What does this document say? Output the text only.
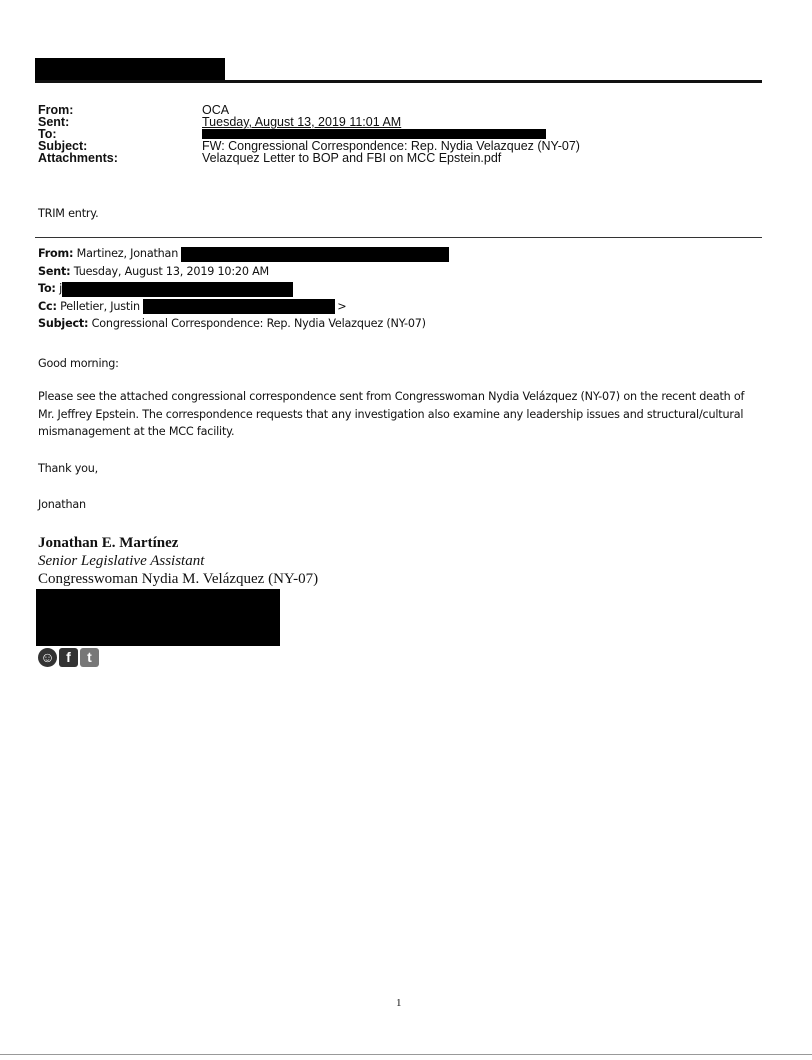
From:
Sent:
To:
Subject:
Attachments:
OCA
Tuesday, August 13, 2019 11:01 AM
FW: Congressional Correspondence: Rep. Nydia Velazquez (NY-07)
Velazquez Letter to BOP and FBI on MCC Epstein.pdf
TRIM entry.
From: Martinez, Jonathan
Sent: Tuesday, August 13, 2019 10:20 AM
To: j
Cc: Pelletier, Justin	>
Subject: Congressional Correspondence: Rep. Nydia Velazquez (NY-07)
Good morning:
Please see the attached congressional correspondence sent from Congresswoman Nydia Velázquez (NY-07) on the recent death of Mr. Jeffrey Epstein. The correspondence requests that any investigation also examine any leadership issues and structural/cultural mismanagement at the MCC facility.
Thank you,
Jonathan
Jonathan E. Martínez
Senior Legislative Assistant
Congresswoman Nydia M. Velázquez (NY-07)
☺ f	t
1
